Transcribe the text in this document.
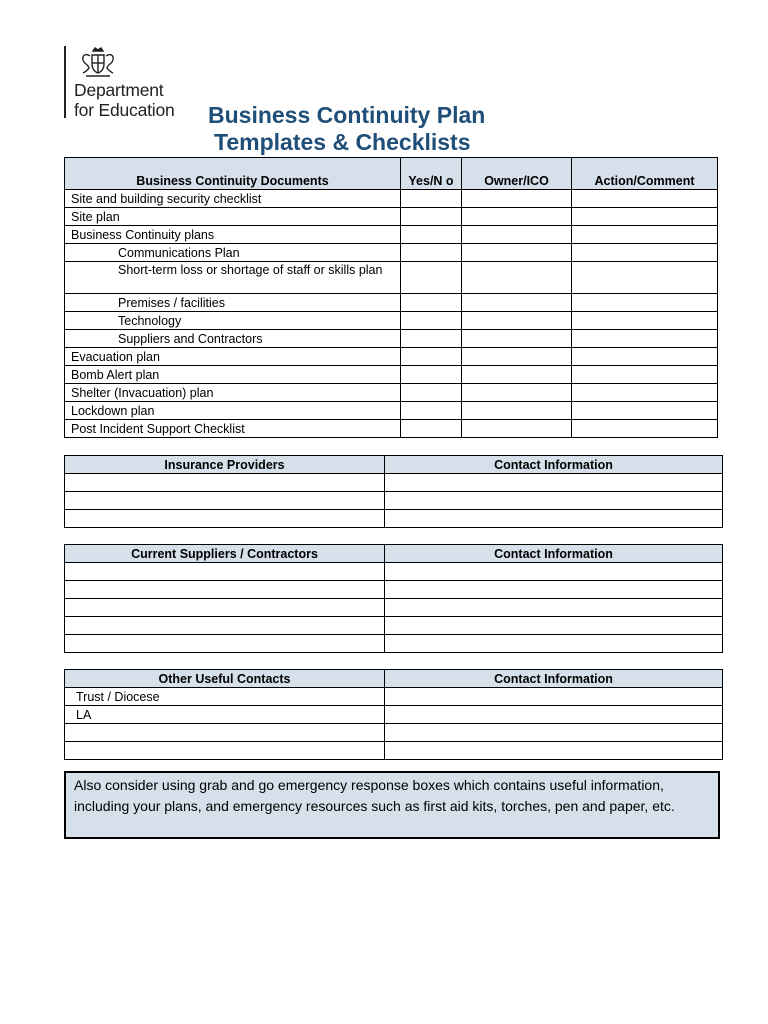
Department
for Education Business Continuity Plan
Templates & Checklists
Business Continuity Documents	Yes/N o	Owner/ICO	Action/Comment
Site and building security checklist			
Site plan			
Business Continuity plans			
Communications Plan			
Short-term loss or shortage of staff or skills plan			
Premises / facilities			
Technology			
Suppliers and Contractors			
Evacuation plan			
Bomb Alert plan			
Shelter (Invacuation) plan			
Lockdown plan			
Post Incident Support Checklist			
Insurance Providers	Contact Information

Current Suppliers / Contractors	Contact Information

Other Useful Contacts	Contact Information
Trust / Diocese	
LA	

Also consider using grab and go emergency response boxes which contains useful information, including your plans, and emergency resources such as first aid kits, torches, pen and paper, etc.
